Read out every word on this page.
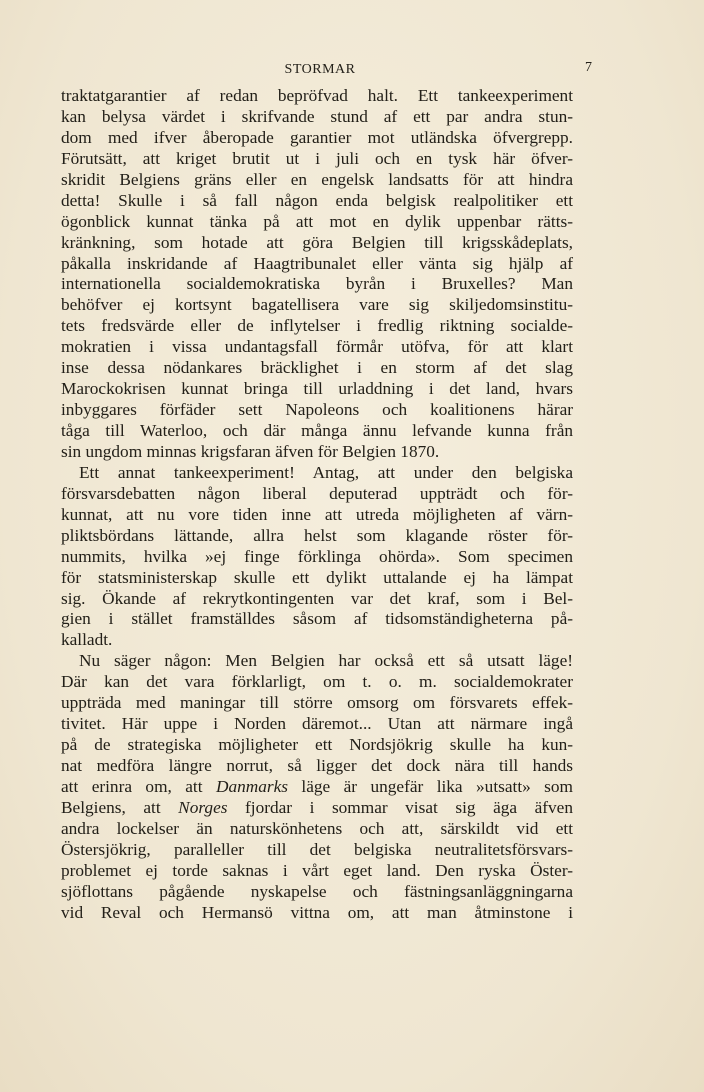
STORMAR	7
traktatgarantier af redan bepröfvad halt. Ett tankeexperiment
kan belysa värdet i skrifvande stund af ett par andra stun-
dom med ifver åberopade garantier mot utländska öfvergrepp.
Förutsätt, att kriget brutit ut i juli och en tysk här öfver-
skridit Belgiens gräns eller en engelsk landsatts för att hindra
detta! Skulle i så fall någon enda belgisk realpolitiker ett
ögonblick kunnat tänka på att mot en dylik uppenbar rätts-
kränkning, som hotade att göra Belgien till krigsskådeplats,
påkalla inskridande af Haagtribunalet eller vänta sig hjälp af
internationella socialdemokratiska byrån i Bruxelles? Man
behöfver ej kortsynt bagatellisera vare sig skiljedomsinstitu-
tets fredsvärde eller de inflytelser i fredlig riktning socialde-
mokratien i vissa undantagsfall förmår utöfva, för att klart
inse dessa nödankares bräcklighet i en storm af det slag
Marockokrisen kunnat bringa till urladdning i det land, hvars
inbyggares förfäder sett Napoleons och koalitionens härar
tåga till Waterloo, och där många ännu lefvande kunna från
sin ungdom minnas krigsfaran äfven för Belgien 1870.
Ett annat tankeexperiment! Antag, att under den belgiska
försvarsdebatten någon liberal deputerad uppträdt och för-
kunnat, att nu vore tiden inne att utreda möjligheten af värn-
pliktsbördans lättande, allra helst som klagande röster för-
nummits, hvilka »ej finge förklinga ohörda». Som specimen
för statsministerskap skulle ett dylikt uttalande ej ha lämpat
sig. Ökande af rekrytkontingenten var det kraf, som i Bel-
gien i stället framställdes såsom af tidsomständigheterna på-
kalladt.
Nu säger någon: Men Belgien har också ett så utsatt läge!
Där kan det vara förklarligt, om t. o. m. socialdemokrater
uppträda med maningar till större omsorg om försvarets effek-
tivitet. Här uppe i Norden däremot... Utan att närmare ingå
på de strategiska möjligheter ett Nordsjökrig skulle ha kun-
nat medföra längre norrut, så ligger det dock nära till hands
att erinra om, att Danmarks läge är ungefär lika »utsatt» som
Belgiens, att Norges fjordar i sommar visat sig äga äfven
andra lockelser än naturskönhetens och att, särskildt vid ett
Östersjökrig, paralleller till det belgiska neutralitetsförsvars-
problemet ej torde saknas i vårt eget land. Den ryska Öster-
sjöflottans pågående nyskapelse och fästningsanläggningarna
vid Reval och Hermansö vittna om, att man åtminstone i
